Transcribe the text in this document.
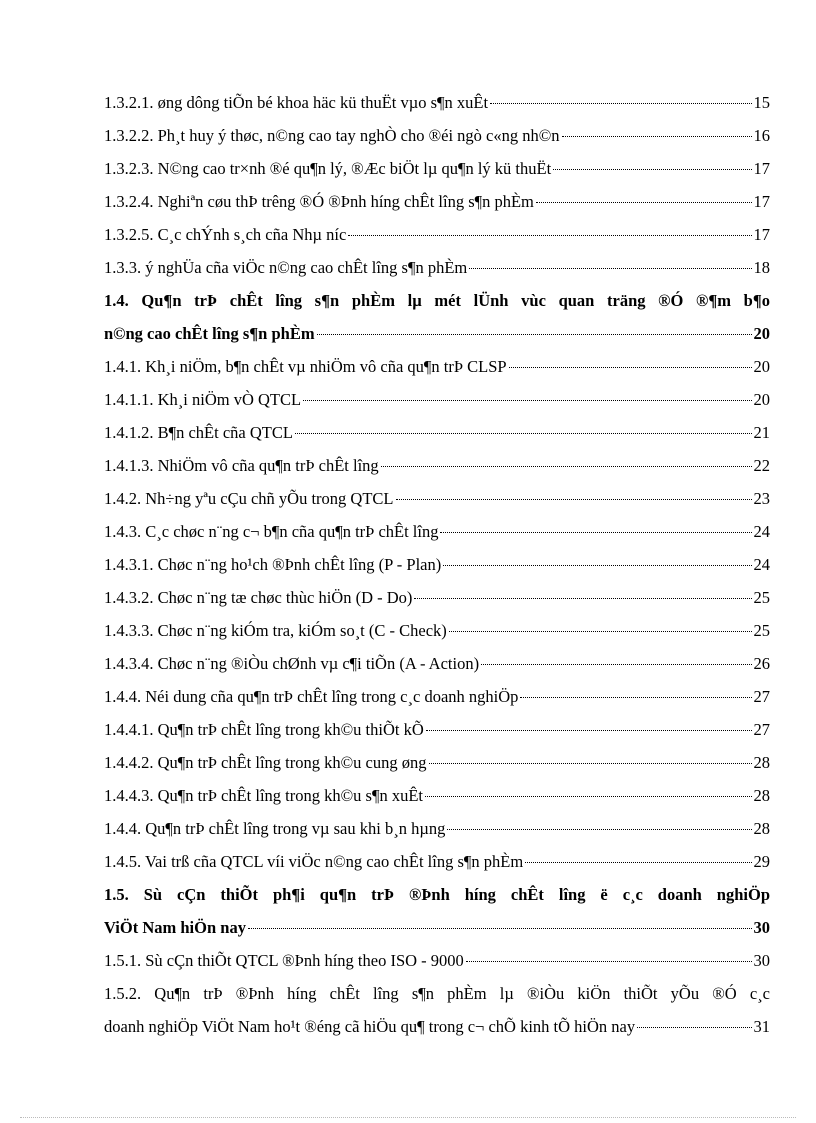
1.3.2.1. øng dông tiÕn bé khoa häc kü thuËt vµo s¶n xuÊt	15
1.3.2.2. Ph¸t huy ý thøc, n©ng cao tay nghÒ cho ®éi ngò c«ng nh©n	16
1.3.2.3. N©ng cao tr×nh ®é qu¶n lý, ®Æc biÖt lµ qu¶n lý kü thuËt	17
1.3.2.4. Nghiªn cøu thÞ trêng ®Ó ®Þnh híng chÊt lîng s¶n phÈm	17
1.3.2.5. C¸c chÝnh s¸ch cña Nhµ níc	17
1.3.3. ý nghÜa cña viÖc n©ng cao chÊt lîng s¶n phÈm	18
1.4. Qu¶n trÞ chÊt lîng s¶n phÈm lµ mét lÜnh vùc quan träng ®Ó ®¶m b¶o
n©ng cao chÊt lîng s¶n phÈm	20
1.4.1. Kh¸i niÖm, b¶n chÊt vµ nhiÖm vô cña qu¶n trÞ CLSP	20
1.4.1.1. Kh¸i niÖm vÒ QTCL	20
1.4.1.2. B¶n chÊt cña QTCL	21
1.4.1.3. NhiÖm vô cña qu¶n trÞ chÊt lîng	22
1.4.2. Nh÷ng yªu cÇu chñ yÕu trong QTCL	23
1.4.3. C¸c chøc n¨ng c¬ b¶n cña qu¶n trÞ chÊt lîng	24
1.4.3.1. Chøc n¨ng ho¹ch ®Þnh chÊt lîng (P - Plan)	24
1.4.3.2. Chøc n¨ng tæ chøc thùc hiÖn (D - Do)	25
1.4.3.3. Chøc n¨ng kiÓm tra, kiÓm so¸t (C - Check)	25
1.4.3.4. Chøc n¨ng ®iÒu chØnh vµ c¶i tiÕn (A - Action)	26
1.4.4. Néi dung cña qu¶n trÞ chÊt lîng trong c¸c doanh nghiÖp	27
1.4.4.1. Qu¶n trÞ chÊt lîng trong kh©u thiÕt kÕ	27
1.4.4.2. Qu¶n trÞ chÊt lîng trong kh©u cung øng	28
1.4.4.3. Qu¶n trÞ chÊt lîng trong kh©u s¶n xuÊt	28
1.4.4. Qu¶n trÞ chÊt lîng trong vµ sau khi b¸n hµng	28
1.4.5. Vai trß cña QTCL víi viÖc n©ng cao chÊt lîng s¶n phÈm	29
1.5. Sù cÇn thiÕt ph¶i qu¶n trÞ ®Þnh híng chÊt lîng ë c¸c doanh nghiÖp
ViÖt Nam hiÖn nay	30
1.5.1. Sù cÇn thiÕt QTCL ®Þnh híng theo ISO - 9000	30
1.5.2. Qu¶n trÞ ®Þnh híng chÊt lîng s¶n phÈm lµ ®iÒu kiÖn thiÕt yÕu ®Ó c¸c
doanh nghiÖp ViÖt Nam ho¹t ®éng cã hiÖu qu¶ trong c¬ chÕ kinh tÕ hiÖn nay	31
